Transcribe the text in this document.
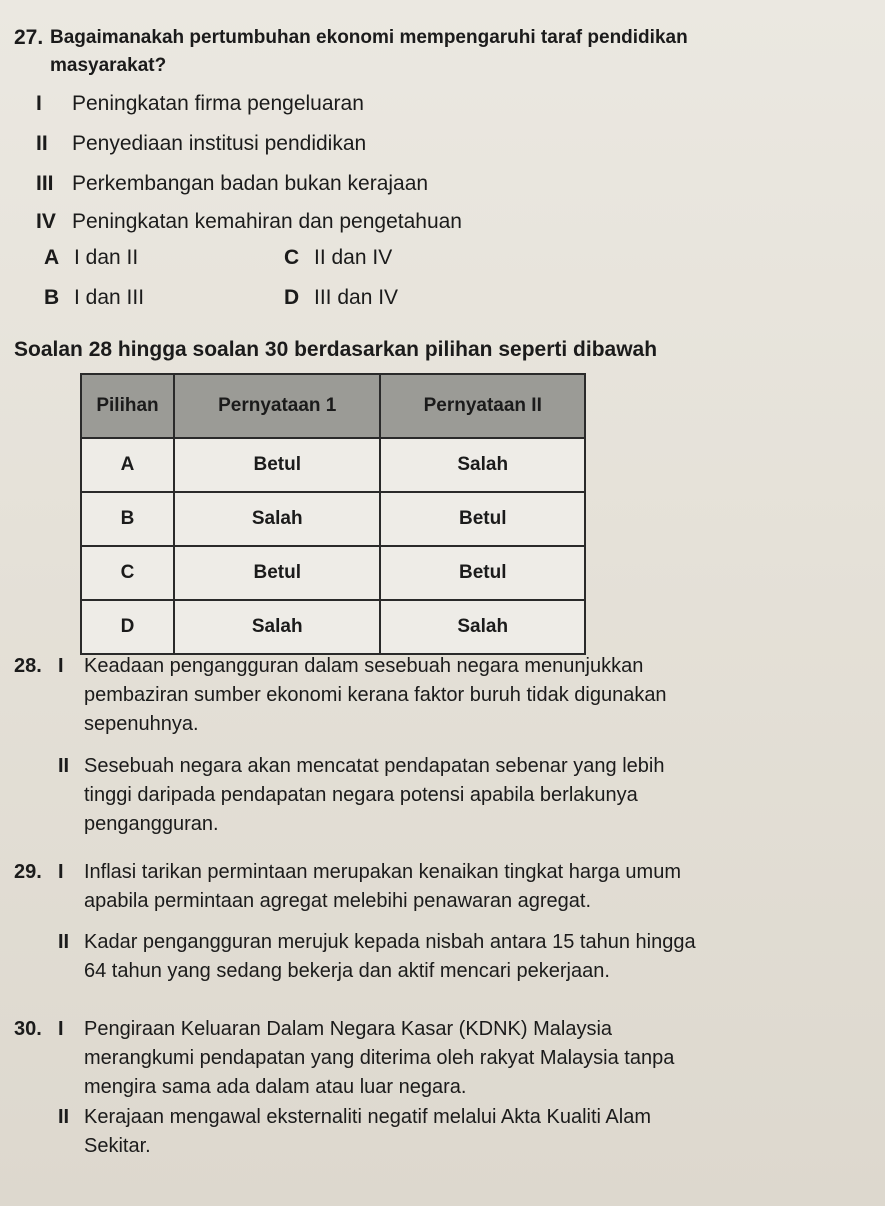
27. Bagaimanakah pertumbuhan ekonomi mempengaruhi taraf pendidikan
masyarakat?
I Peningkatan firma pengeluaran
II Penyediaan institusi pendidikan
III Perkembangan badan bukan kerajaan
IV Peningkatan kemahiran dan pengetahuan
A I dan II	C II dan IV
B I dan III	D III dan IV
Soalan 28 hingga soalan 30 berdasarkan pilihan seperti dibawah
Pilihan	Pernyataan 1	Pernyataan II
A	Betul	Salah
B	Salah	Betul
C	Betul	Betul
D	Salah	Salah
28. I Keadaan pengangguran dalam sesebuah negara menunjukkan
pembaziran sumber ekonomi kerana faktor buruh tidak digunakan
sepenuhnya.
II Sesebuah negara akan mencatat pendapatan sebenar yang lebih
tinggi daripada pendapatan negara potensi apabila berlakunya
pengangguran.
29. I Inflasi tarikan permintaan merupakan kenaikan tingkat harga umum
apabila permintaan agregat melebihi penawaran agregat.
II Kadar pengangguran merujuk kepada nisbah antara 15 tahun hingga
64 tahun yang sedang bekerja dan aktif mencari pekerjaan.
30. I Pengiraan Keluaran Dalam Negara Kasar (KDNK) Malaysia
merangkumi pendapatan yang diterima oleh rakyat Malaysia tanpa
mengira sama ada dalam atau luar negara.
II Kerajaan mengawal eksternaliti negatif melalui Akta Kualiti Alam
Sekitar.
